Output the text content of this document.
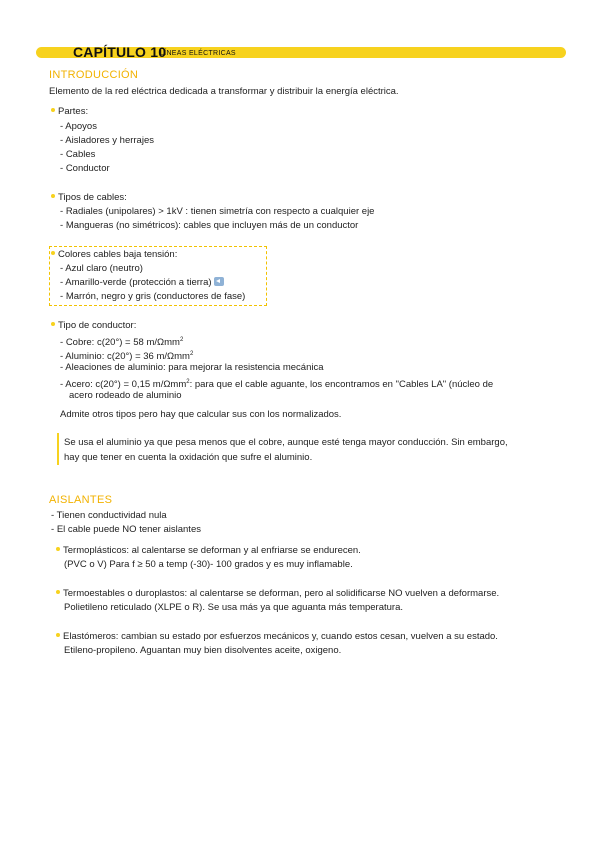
CAPÍTULO 10
LÍNEAS ELÉCTRICAS
INTRODUCCIÓN
Elemento de la red eléctrica dedicada a transformar y distribuir la energía eléctrica.
Partes:
- Apoyos
- Aisladores y herrajes
- Cables
- Conductor
Tipos de cables:
- Radiales (unipolares) > 1kV : tienen simetría con respecto a cualquier eje
- Mangueras (no simétricos): cables que incluyen más de un conductor
Colores cables baja tensión:
- Azul claro (neutro)
- Amarillo-verde (protección a tierra)
- Marrón, negro y gris (conductores de fase)
Tipo de conductor:
- Cobre: c(20°) = 58 m/Ωmm$^2$
- Aluminio: c(20°) = 36 m/Ωmm$^2$
- Aleaciones de aluminio: para mejorar la resistencia mecánica
- Acero: c(20°) = 0,15 m/Ωmm$^2$: para que el cable aguante, los encontramos en "Cables LA" (núcleo de
acero rodeado de aluminio
Admite otros tipos pero hay que calcular sus con los normalizados.
Se usa el aluminio ya que pesa menos que el cobre, aunque esté tenga mayor conducción. Sin embargo,
hay que tener en cuenta la oxidación que sufre el aluminio.
AISLANTES
- Tienen conductividad nula
- El cable puede NO tener aislantes
Termoplásticos: al calentarse se deforman y al enfriarse se endurecen.
(PVC o V) Para f ≥ 50 a temp (-30)- 100 grados y es muy inflamable.
Termoestables o duroplastos: al calentarse se deforman, pero al solidificarse NO vuelven a deformarse.
Polietileno reticulado (XLPE o R). Se usa más ya que aguanta más temperatura.
Elastómeros: cambian su estado por esfuerzos mecánicos y, cuando estos cesan, vuelven a su estado.
Etileno-propileno. Aguantan muy bien disolventes aceite, oxigeno.
